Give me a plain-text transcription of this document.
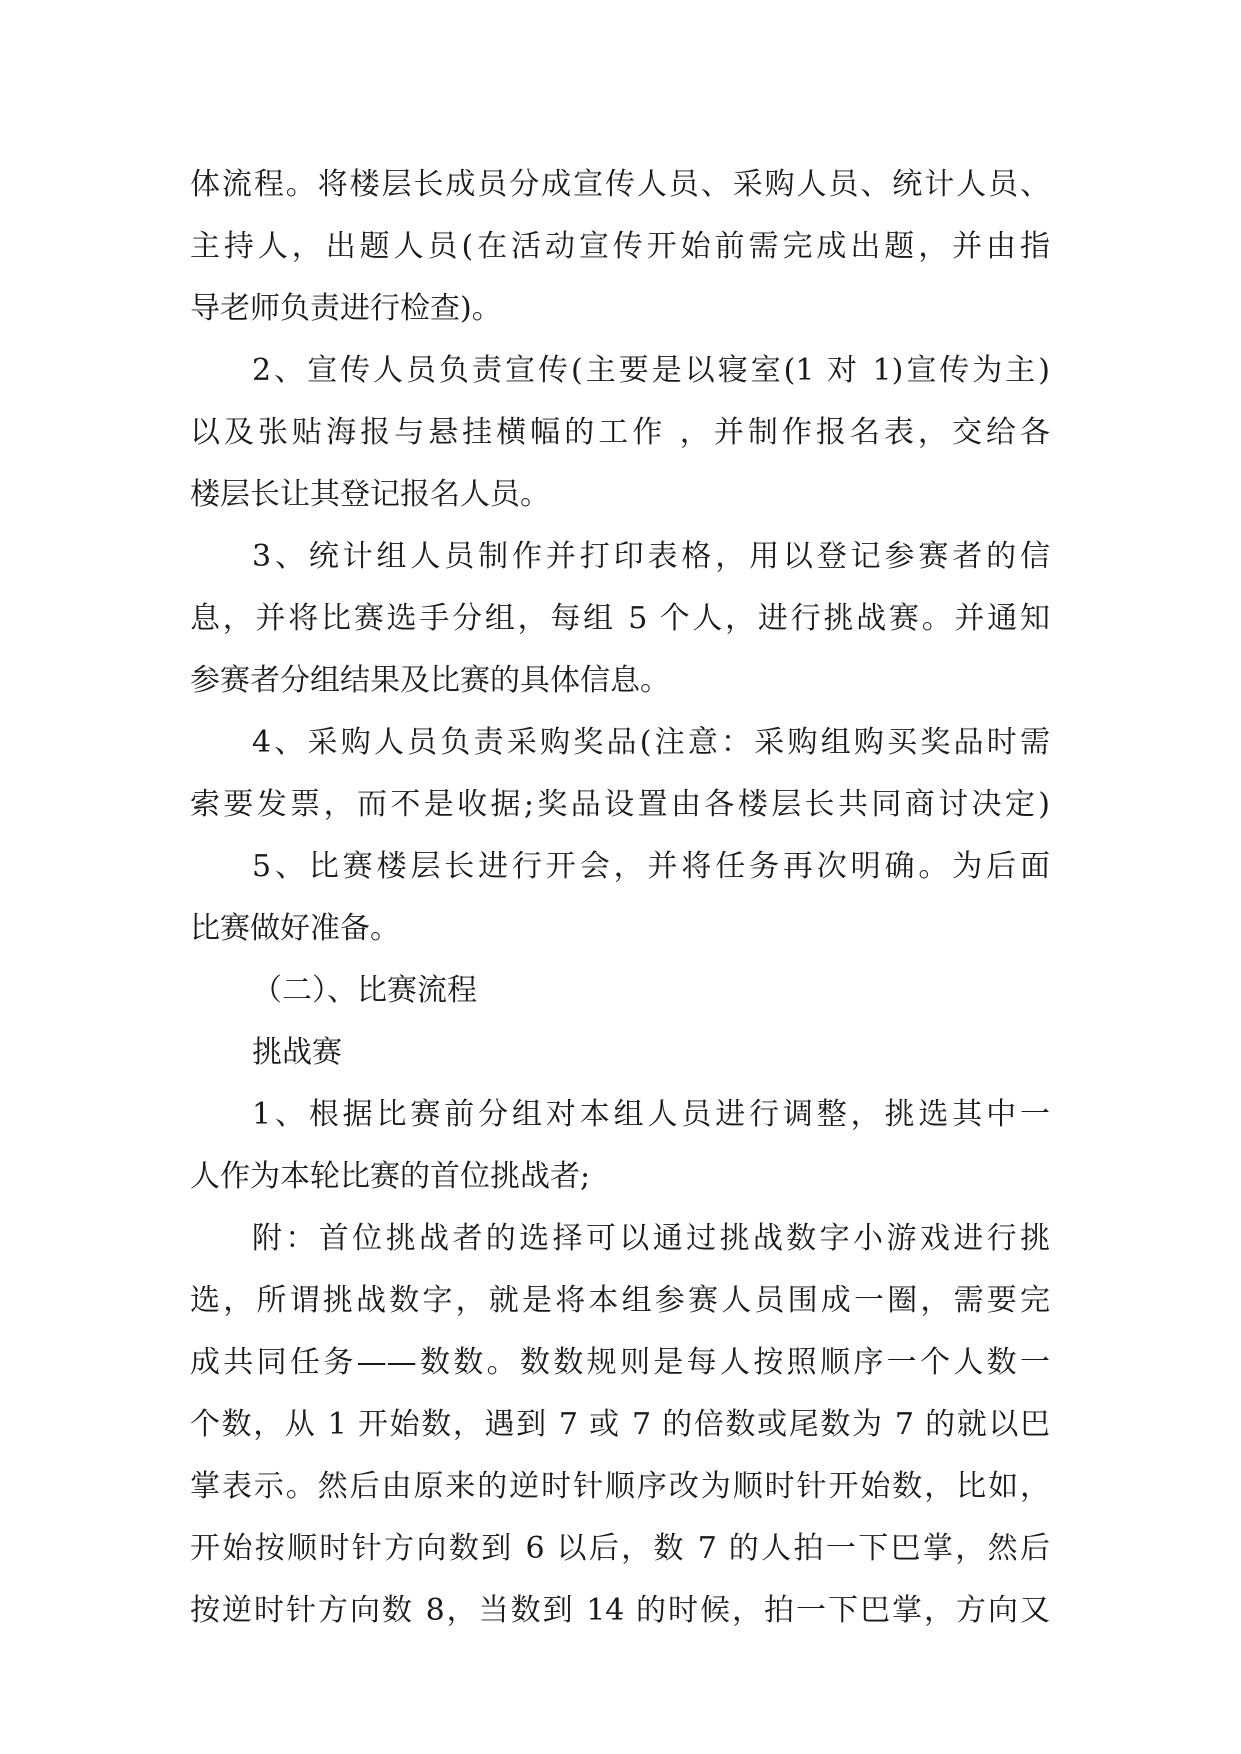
体流程。将楼层长成员分成宣传人员、采购人员、统计人员、
主持人，出题人员(在活动宣传开始前需完成出题，并由指
导老师负责进行检查)。
2、宣传人员负责宣传(主要是以寝室(1 对 1)宣传为主)
以及张贴海报与悬挂横幅的工作 ，并制作报名表，交给各
楼层长让其登记报名人员。
3、统计组人员制作并打印表格，用以登记参赛者的信
息，并将比赛选手分组，每组 5 个人，进行挑战赛。并通知
参赛者分组结果及比赛的具体信息。
4、采购人员负责采购奖品(注意：采购组购买奖品时需
索要发票，而不是收据;奖品设置由各楼层长共同商讨决定)
5、比赛楼层长进行开会，并将任务再次明确。为后面
比赛做好准备。
（二）、比赛流程
挑战赛
1、根据比赛前分组对本组人员进行调整，挑选其中一
人作为本轮比赛的首位挑战者;
附：首位挑战者的选择可以通过挑战数字小游戏进行挑
选，所谓挑战数字，就是将本组参赛人员围成一圈，需要完
成共同任务——数数。数数规则是每人按照顺序一个人数一
个数，从 1 开始数，遇到 7 或 7 的倍数或尾数为 7 的就以巴
掌表示。然后由原来的逆时针顺序改为顺时针开始数，比如，
开始按顺时针方向数到 6 以后，数 7 的人拍一下巴掌，然后
按逆时针方向数 8，当数到 14 的时候，拍一下巴掌，方向又
